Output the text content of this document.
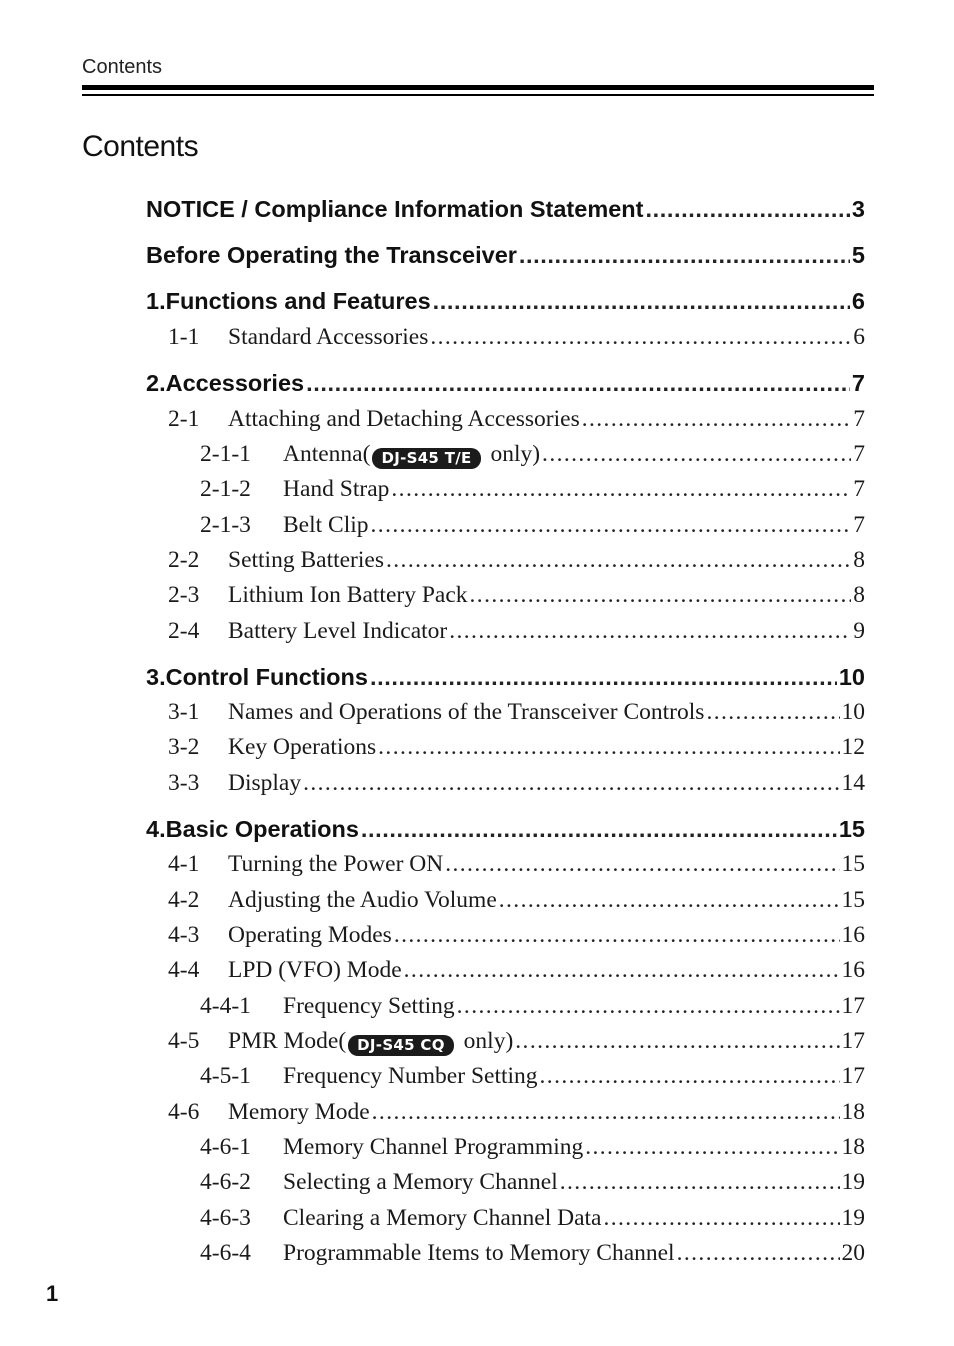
Contents
Contents
NOTICE / Compliance Information Statement .....	3
Before Operating the Transceiver .....	5
1.Functions and Features .....	6
1-1	Standard Accessories .....	6
2.Accessories .....	7
2-1	Attaching and Detaching Accessories .....	7
2-1-1	Antenna( DJ-S45 T/E only) .....	7
2-1-2	Hand Strap .....	7
2-1-3	Belt Clip .....	7
2-2	Setting Batteries .....	8
2-3	Lithium Ion Battery Pack .....	8
2-4	Battery Level Indicator .....	9
3.Control Functions .....	10
3-1	Names and Operations of the Transceiver Controls .....	10
3-2	Key Operations .....	12
3-3	Display .....	14
4.Basic Operations .....	15
4-1	Turning the Power ON .....	15
4-2	Adjusting the Audio Volume .....	15
4-3	Operating Modes .....	16
4-4	LPD (VFO) Mode .....	16
4-4-1	Frequency Setting .....	17
4-5	PMR Mode( DJ-S45 CQ only) .....	17
4-5-1	Frequency Number Setting .....	17
4-6	Memory Mode .....	18
4-6-1	Memory Channel Programming .....	18
4-6-2	Selecting a Memory Channel .....	19
4-6-3	Clearing a Memory Channel Data .....	19
4-6-4	Programmable Items to Memory Channel .....	20
1
